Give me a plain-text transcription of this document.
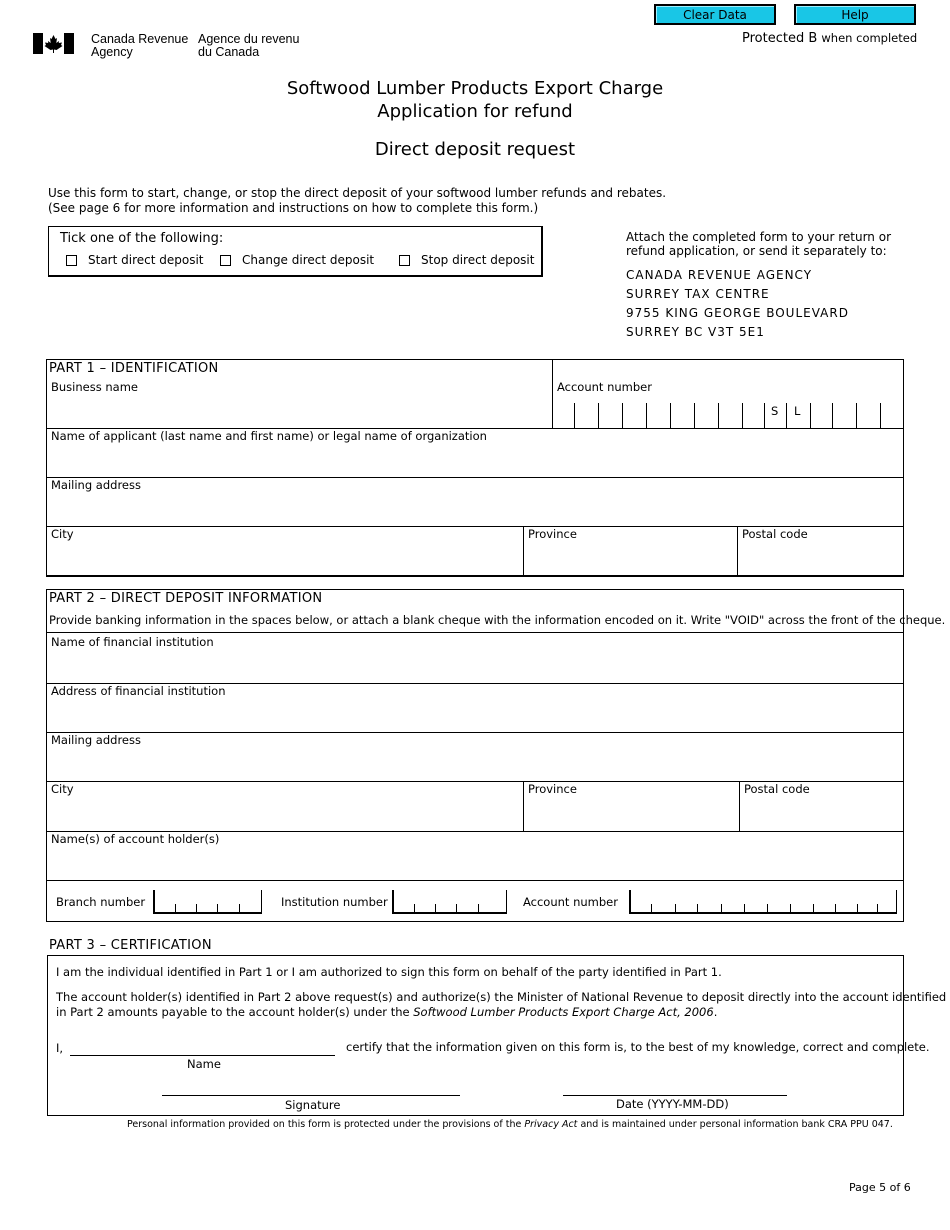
Clear Data	Help
Protected B when completed
Canada Revenue
Agency
Agence du revenu
du Canada
Softwood Lumber Products Export Charge
Application for refund
Direct deposit request
Use this form to start, change, or stop the direct deposit of your softwood lumber refunds and rebates.
(See page 6 for more information and instructions on how to complete this form.)
Tick one of the following:
Start direct deposit	Change direct deposit	Stop direct deposit
Attach the completed form to your return or
refund application, or send it separately to:
CANADA REVENUE AGENCY
SURREY TAX CENTRE
9755 KING GEORGE BOULEVARD
SURREY BC V3T 5E1
PART 1 – IDENTIFICATION
Business name	Account number
S L
Name of applicant (last name and first name) or legal name of organization
Mailing address
City	Province	Postal code
PART 2 – DIRECT DEPOSIT INFORMATION
Provide banking information in the spaces below, or attach a blank cheque with the information encoded on it. Write "VOID" across the front of the cheque.
Name of financial institution
Address of financial institution
Mailing address
City	Province	Postal code
Name(s) of account holder(s)
Branch number	Institution number	Account number
PART 3 – CERTIFICATION
I am the individual identified in Part 1 or I am authorized to sign this form on behalf of the party identified in Part 1.
The account holder(s) identified in Part 2 above request(s) and authorize(s) the Minister of National Revenue to deposit directly into the account identified
in Part 2 amounts payable to the account holder(s) under the Softwood Lumber Products Export Charge Act, 2006.
I,	certify that the information given on this form is, to the best of my knowledge, correct and complete.
Name
Signature	Date (YYYY-MM-DD)
Personal information provided on this form is protected under the provisions of the Privacy Act and is maintained under personal information bank CRA PPU 047.
Page 5 of 6
